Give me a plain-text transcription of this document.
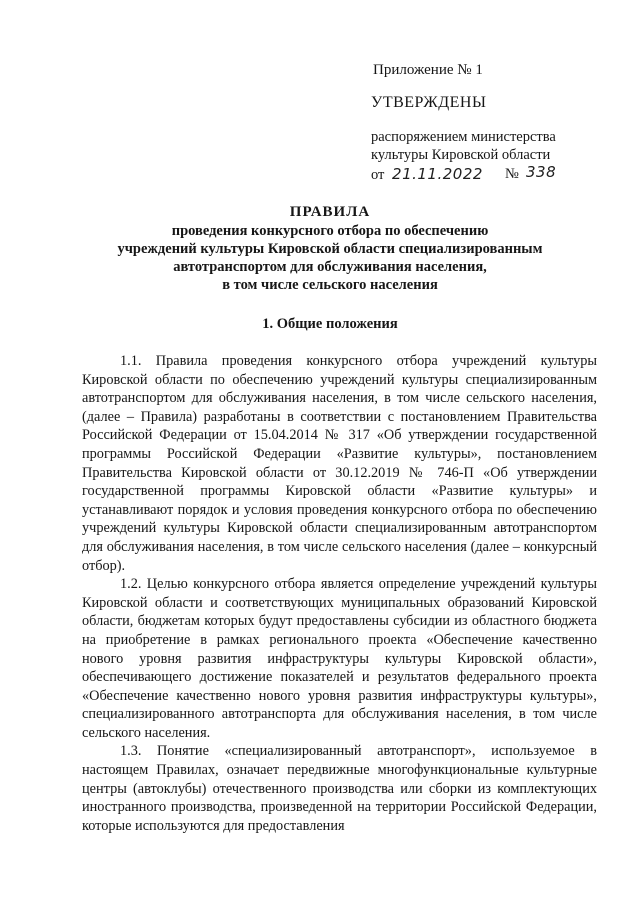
Приложение № 1
УТВЕРЖДЕНЫ
распоряжением министерства
культуры Кировской области
от 21.11.2022 № 338
ПРАВИЛА
проведения конкурсного отбора по обеспечению
учреждений культуры Кировской области специализированным
автотранспортом для обслуживания населения,
в том числе сельского населения
1. Общие положения

1.1. Правила проведения конкурсного отбора учреждений культуры Кировской области по обеспечению учреждений культуры специализированным автотранспортом для обслуживания населения, в том числе сельского населения, (далее – Правила) разработаны в соответствии с постановлением Правительства Российской Федерации от 15.04.2014 № 317 «Об утверждении государственной программы Российской Федерации «Развитие культуры», постановлением Правительства Кировской области от 30.12.2019 № 746-П «Об утверждении государственной программы Кировской области «Развитие культуры» и устанавливают порядок и условия проведения конкурсного отбора по обеспечению учреждений культуры Кировской области специализированным автотранспортом для обслуживания населения, в том числе сельского населения (далее – конкурсный отбор).

1.2. Целью конкурсного отбора является определение учреждений культуры Кировской области и соответствующих муниципальных образований Кировской области, бюджетам которых будут предоставлены субсидии из областного бюджета на приобретение в рамках регионального проекта «Обеспечение качественно нового уровня развития инфраструктуры культуры Кировской области», обеспечивающего достижение показателей и результатов федерального проекта «Обеспечение качественно нового уровня развития инфраструктуры культуры», специализированного автотранспорта для обслуживания населения, в том числе сельского населения.

1.3. Понятие «специализированный автотранспорт», используемое в настоящем Правилах, означает передвижные многофункциональные культурные центры (автоклубы) отечественного производства или сборки из комплектующих иностранного производства, произведенной на территории Российской Федерации, которые используются для предоставления
